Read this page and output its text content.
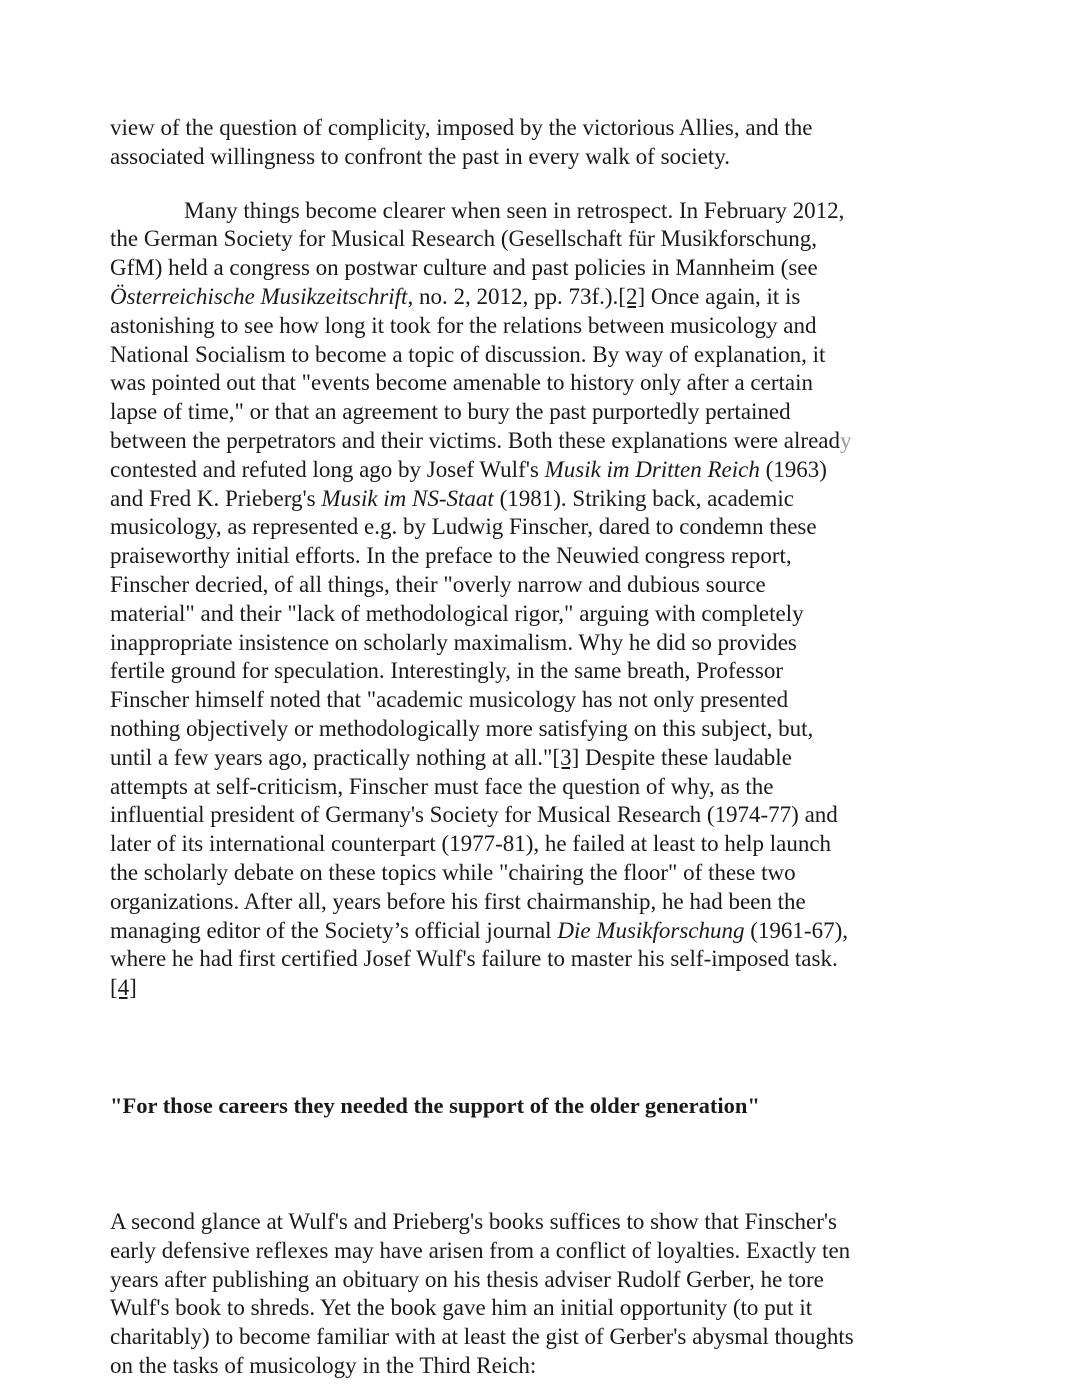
view of the question of complicity, imposed by the victorious Allies, and the
associated willingness to confront the past in every walk of society.

Many things become clearer when seen in retrospect. In February 2012,
the German Society for Musical Research (Gesellschaft für Musikforschung,
GfM) held a congress on postwar culture and past policies in Mannheim (see
Österreichische Musikzeitschrift, no. 2, 2012, pp. 73f.).[2] Once again, it is
astonishing to see how long it took for the relations between musicology and
National Socialism to become a topic of discussion. By way of explanation, it
was pointed out that "events become amenable to history only after a certain
lapse of time," or that an agreement to bury the past purportedly pertained
between the perpetrators and their victims. Both these explanations were already
contested and refuted long ago by Josef Wulf's Musik im Dritten Reich (1963)
and Fred K. Prieberg's Musik im NS-Staat (1981). Striking back, academic
musicology, as represented e.g. by Ludwig Finscher, dared to condemn these
praiseworthy initial efforts. In the preface to the Neuwied congress report,
Finscher decried, of all things, their "overly narrow and dubious source
material" and their "lack of methodological rigor," arguing with completely
inappropriate insistence on scholarly maximalism. Why he did so provides
fertile ground for speculation. Interestingly, in the same breath, Professor
Finscher himself noted that "academic musicology has not only presented
nothing objectively or methodologically more satisfying on this subject, but,
until a few years ago, practically nothing at all."[3] Despite these laudable
attempts at self-criticism, Finscher must face the question of why, as the
influential president of Germany's Society for Musical Research (1974-77) and
later of its international counterpart (1977-81), he failed at least to help launch
the scholarly debate on these topics while "chairing the floor" of these two
organizations. After all, years before his first chairmanship, he had been the
managing editor of the Society’s official journal Die Musikforschung (1961-67),
where he had first certified Josef Wulf's failure to master his self-imposed task.
[4]

"For those careers they needed the support of the older generation"

A second glance at Wulf's and Prieberg's books suffices to show that Finscher's
early defensive reflexes may have arisen from a conflict of loyalties. Exactly ten
years after publishing an obituary on his thesis adviser Rudolf Gerber, he tore
Wulf's book to shreds. Yet the book gave him an initial opportunity (to put it
charitably) to become familiar with at least the gist of Gerber's abysmal thoughts
on the tasks of musicology in the Third Reich:
